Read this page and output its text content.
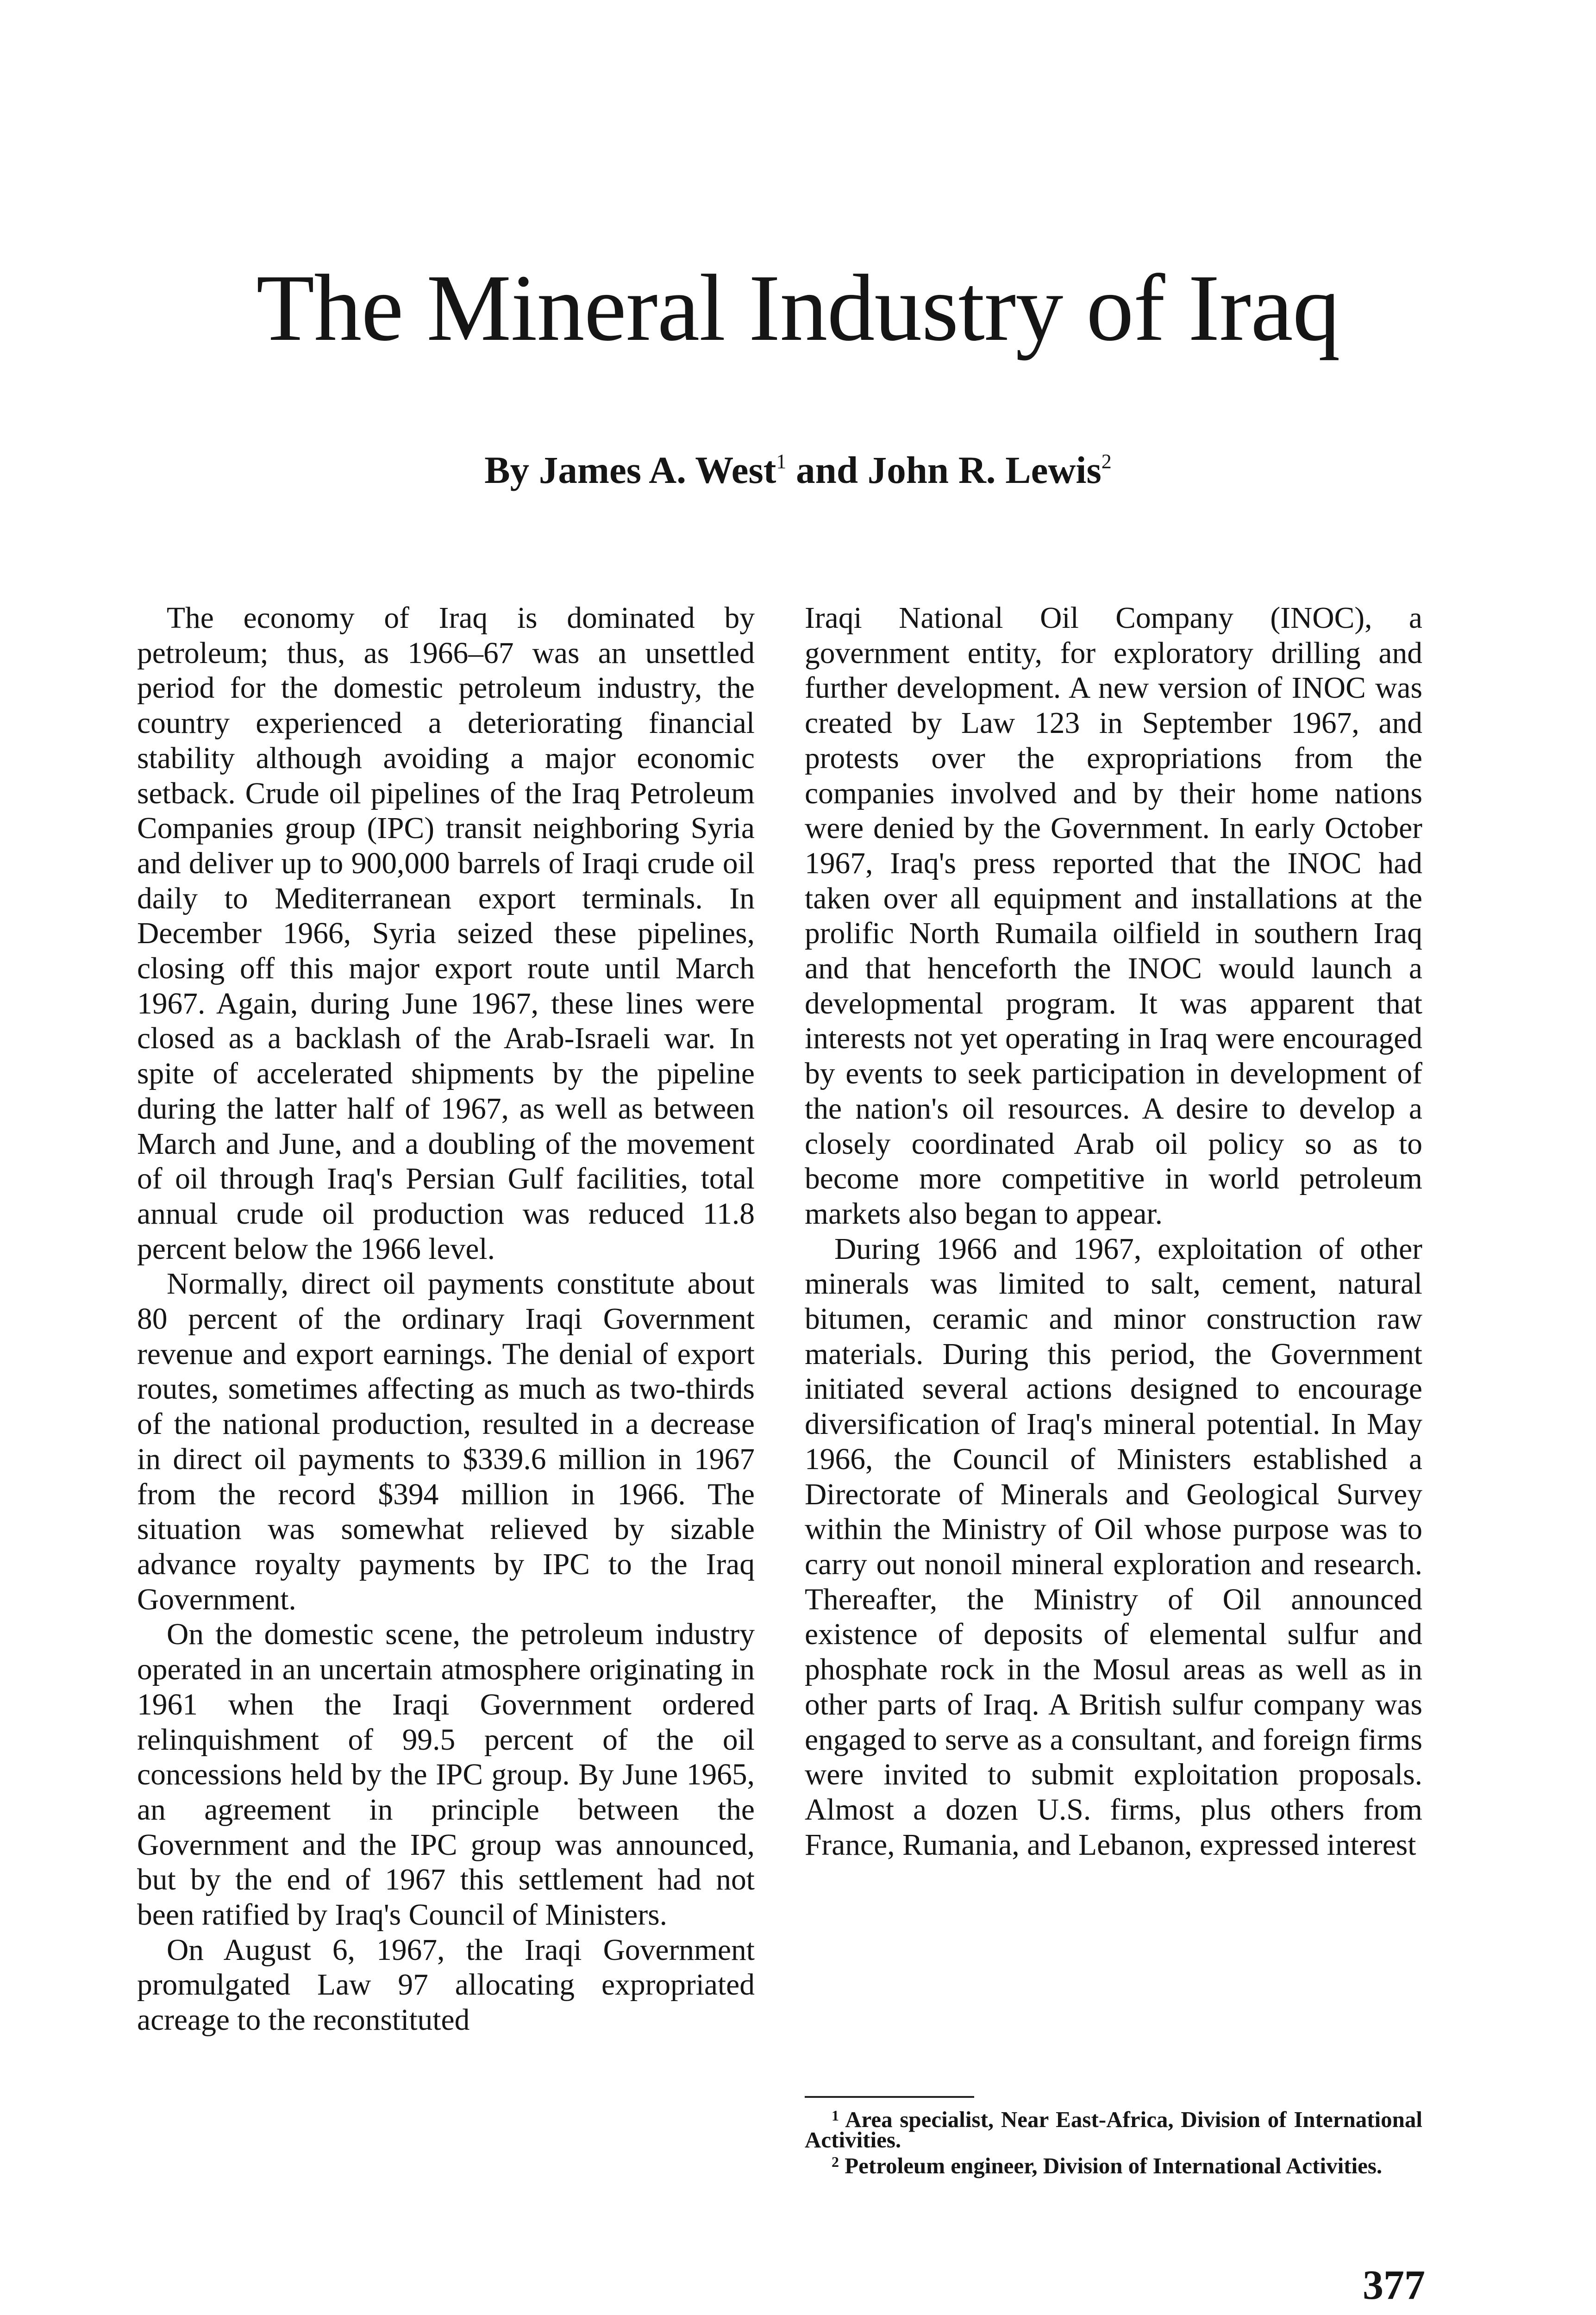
The Mineral Industry of Iraq
By James A. West$^1$ and John R. Lewis$^2$

The economy of Iraq is dominated by petroleum; thus, as 1966–67 was an unsettled period for the domestic petroleum industry, the country experienced a deteriorating financial stability although avoiding a major economic setback. Crude oil pipelines of the Iraq Petroleum Companies group (IPC) transit neighboring Syria and deliver up to 900,000 barrels of Iraqi crude oil daily to Mediterranean export terminals. In December 1966, Syria seized these pipelines, closing off this major export route until March 1967. Again, during June 1967, these lines were closed as a backlash of the Arab-Israeli war. In spite of accelerated shipments by the pipeline during the latter half of 1967, as well as between March and June, and a doubling of the movement of oil through Iraq's Persian Gulf facilities, total annual crude oil production was reduced 11.8 percent below the 1966 level.

Normally, direct oil payments constitute about 80 percent of the ordinary Iraqi Government revenue and export earnings. The denial of export routes, sometimes affecting as much as two-thirds of the national production, resulted in a decrease in direct oil payments to $339.6 million in 1967 from the record $394 million in 1966. The situation was somewhat relieved by sizable advance royalty payments by IPC to the Iraq Government.

On the domestic scene, the petroleum industry operated in an uncertain atmosphere originating in 1961 when the Iraqi Government ordered relinquishment of 99.5 percent of the oil concessions held by the IPC group. By June 1965, an agreement in principle between the Government and the IPC group was announced, but by the end of 1967 this settlement had not been ratified by Iraq's Council of Ministers.

On August 6, 1967, the Iraqi Government promulgated Law 97 allocating expropriated acreage to the reconstituted

Iraqi National Oil Company (INOC), a government entity, for exploratory drilling and further development. A new version of INOC was created by Law 123 in September 1967, and protests over the expropriations from the companies involved and by their home nations were denied by the Government. In early October 1967, Iraq's press reported that the INOC had taken over all equipment and installations at the prolific North Rumaila oilfield in southern Iraq and that henceforth the INOC would launch a developmental program. It was apparent that interests not yet operating in Iraq were encouraged by events to seek participation in development of the nation's oil resources. A desire to develop a closely coordinated Arab oil policy so as to become more competitive in world petroleum markets also began to appear.

During 1966 and 1967, exploitation of other minerals was limited to salt, cement, natural bitumen, ceramic and minor construction raw materials. During this period, the Government initiated several actions designed to encourage diversification of Iraq's mineral potential. In May 1966, the Council of Ministers established a Directorate of Minerals and Geological Survey within the Ministry of Oil whose purpose was to carry out nonoil mineral exploration and research. Thereafter, the Ministry of Oil announced existence of deposits of elemental sulfur and phosphate rock in the Mosul areas as well as in other parts of Iraq. A British sulfur company was engaged to serve as a consultant, and foreign firms were invited to submit exploitation proposals. Almost a dozen U.S. firms, plus others from France, Rumania, and Lebanon, expressed interest

$^1$ Area specialist, Near East-Africa, Division of International Activities.

$^2$ Petroleum engineer, Division of International Activities.

377
